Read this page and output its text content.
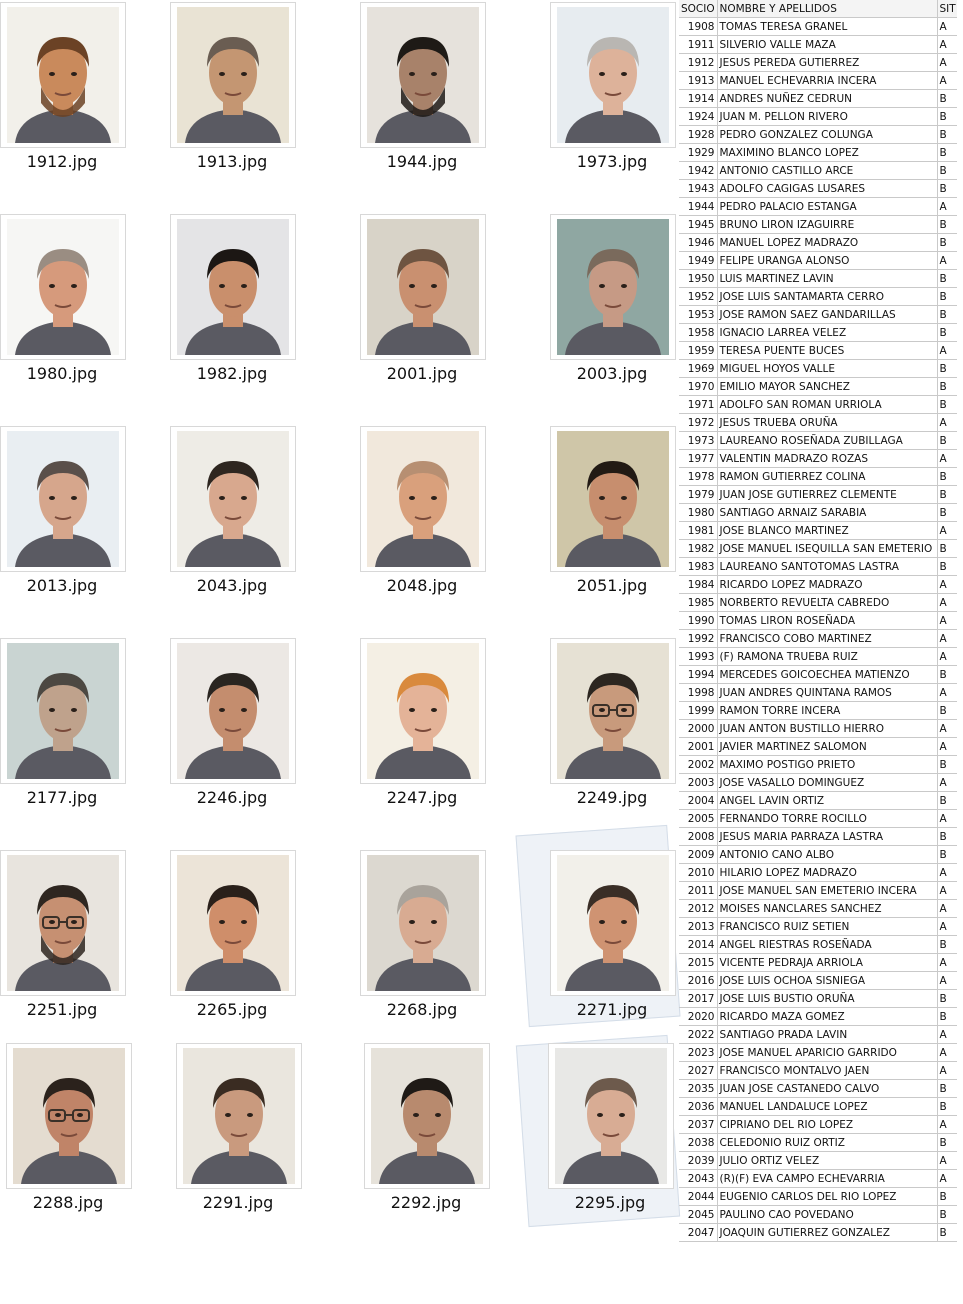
1912.jpg	1913.jpg	1944.jpg	1973.jpg
1980.jpg	1982.jpg	2001.jpg	2003.jpg
2013.jpg	2043.jpg	2048.jpg	2051.jpg
2177.jpg	2246.jpg	2247.jpg	2249.jpg
2251.jpg	2265.jpg	2268.jpg	2271.jpg
2288.jpg	2291.jpg	2292.jpg	2295.jpg
SOCIO	NOMBRE Y APELLIDOS	SIT
1908	TOMAS TERESA GRANEL	A
1911	SILVERIO VALLE MAZA	A
1912	JESUS PEREDA GUTIERREZ	A
1913	MANUEL ECHEVARRIA INCERA	A
1914	ANDRES NUÑEZ CEDRUN	B
1924	JUAN M. PELLON RIVERO	B
1928	PEDRO GONZALEZ COLUNGA	B
1929	MAXIMINO BLANCO LOPEZ	B
1942	ANTONIO CASTILLO ARCE	B
1943	ADOLFO CAGIGAS LUSARES	B
1944	PEDRO PALACIO ESTANGA	A
1945	BRUNO LIRON IZAGUIRRE	B
1946	MANUEL LOPEZ MADRAZO	B
1949	FELIPE URANGA ALONSO	A
1950	LUIS MARTINEZ LAVIN	B
1952	JOSE LUIS SANTAMARTA CERRO	B
1953	JOSE RAMON SAEZ GANDARILLAS	B
1958	IGNACIO LARREA VELEZ	B
1959	TERESA PUENTE BUCES	A
1969	MIGUEL HOYOS VALLE	B
1970	EMILIO MAYOR SANCHEZ	B
1971	ADOLFO SAN ROMAN URRIOLA	B
1972	JESUS TRUEBA ORUÑA	A
1973	LAUREANO ROSEÑADA ZUBILLAGA	B
1977	VALENTIN MADRAZO ROZAS	A
1978	RAMON GUTIERREZ COLINA	B
1979	JUAN JOSE GUTIERREZ CLEMENTE	B
1980	SANTIAGO ARNAIZ SARABIA	B
1981	JOSE BLANCO MARTINEZ	A
1982	JOSE MANUEL ISEQUILLA SAN EMETERIO	B
1983	LAUREANO SANTOTOMAS LASTRA	B
1984	RICARDO LOPEZ MADRAZO	A
1985	NORBERTO REVUELTA CABREDO	A
1990	TOMAS LIRON ROSEÑADA	A
1992	FRANCISCO COBO MARTINEZ	A
1993	(F) RAMONA TRUEBA RUIZ	A
1994	MERCEDES GOICOECHEA MATIENZO	B
1998	JUAN ANDRES QUINTANA RAMOS	A
1999	RAMON TORRE INCERA	B
2000	JUAN ANTON BUSTILLO HIERRO	A
2001	JAVIER MARTINEZ SALOMON	A
2002	MAXIMO POSTIGO PRIETO	B
2003	JOSE VASALLO DOMINGUEZ	A
2004	ANGEL LAVIN ORTIZ	B
2005	FERNANDO TORRE ROCILLO	A
2008	JESUS MARIA PARRAZA LASTRA	B
2009	ANTONIO CANO ALBO	B
2010	HILARIO LOPEZ MADRAZO	A
2011	JOSE MANUEL SAN EMETERIO INCERA	A
2012	MOISES NANCLARES SANCHEZ	A
2013	FRANCISCO RUIZ SETIEN	A
2014	ANGEL RIESTRAS ROSEÑADA	B
2015	VICENTE PEDRAJA ARRIOLA	A
2016	JOSE LUIS OCHOA SISNIEGA	A
2017	JOSE LUIS BUSTIO ORUÑA	B
2020	RICARDO MAZA GOMEZ	B
2022	SANTIAGO PRADA LAVIN	A
2023	JOSE MANUEL APARICIO GARRIDO	A
2027	FRANCISCO MONTALVO JAEN	A
2035	JUAN JOSE CASTANEDO CALVO	B
2036	MANUEL LANDALUCE LOPEZ	B
2037	CIPRIANO DEL RIO LOPEZ	A
2038	CELEDONIO RUIZ ORTIZ	B
2039	JULIO ORTIZ VELEZ	A
2043	(R)(F) EVA CAMPO ECHEVARRIA	A
2044	EUGENIO CARLOS DEL RIO LOPEZ	B
2045	PAULINO CAO POVEDANO	B
2047	JOAQUIN GUTIERREZ GONZALEZ	B
